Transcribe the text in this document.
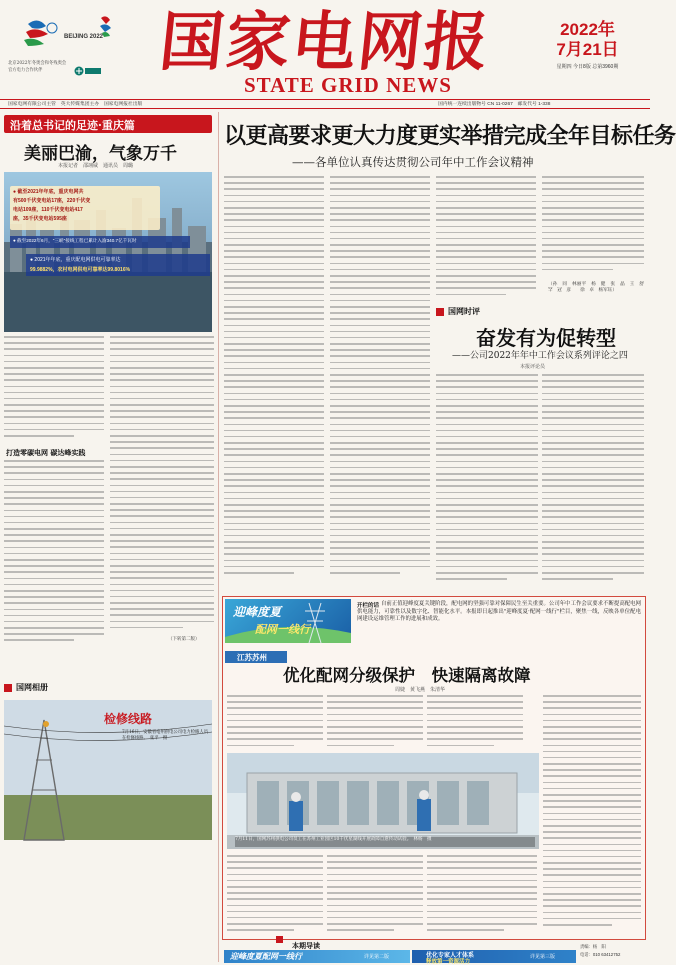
BEIJING 2022
北京2022年冬奥会和冬残奥会
官方电力合作伙伴 国家电网报
STATE GRID NEWS
2022年
7月21日
星期四 今日8版 总第3960期
国家电网有限公司主管　英大传媒集团主办　国家电网报社出版	国内统一连续出版物号 CN 11-0267　邮发代号 1-338
沿着总书记的足迹·重庆篇
美丽巴渝，气象万千
本报记者　邵翊威　通讯员　周璐
● 截至2021年年底，重庆电网共
有500千伏变电站17座，220千伏变
电站109座，110千伏变电站417
座，35千伏变电站595座
● 截至2022年6月，"三峡"接线工程已累计入渝340.7亿千瓦时
● 2021年年底，重庆配电网供电可靠率达
99.9882%，农村电网供电可靠率达99.8016%
打造零碳电网 碳达峰实践
（下转第二版）
国网相册
检修线路
7月16日，安徽省亳州供电公司电力检修人员在检修线路。　张平　摄
以更高要求更大力度更实举措完成全年目标任务
——各单位认真传达贯彻公司年中工作会议精神
（孙　同　林丽平　杨　健　张　晶　王　舒　罕　冠　彦　　徐　卓　杨军钰）
国网时评
奋发有为促转型
——公司2022年年中工作会议系列评论之四
本报评论员
迎峰度夏
配网一线行
开栏的话 自前正值迎峰度夏关键阶段，配电网的坚强可靠对保障民生至关重要。公司年中工作会议要求不断提高配电网供电能力，可靠性以及数字化、智能化水平。本报即日起推出"迎峰度夏·配网一线行"栏目，聚焦一线，反映各单位配电网建设运维管理工作的进展和成效。
江苏苏州
优化配网分级保护　快速隔离故障
周婕　黄飞燕　朱清华
7月11日，国网苏州供电公司员工在苏州工业园区10千伏星湖线开展故障自愈传动试验。　林杨　摄
本期导读
迎峰度夏配网一线行	详见第二版	优化专家人才体系
释放第一资源活力
详见第三版
责编：杨　阳
电话：010 63412752
